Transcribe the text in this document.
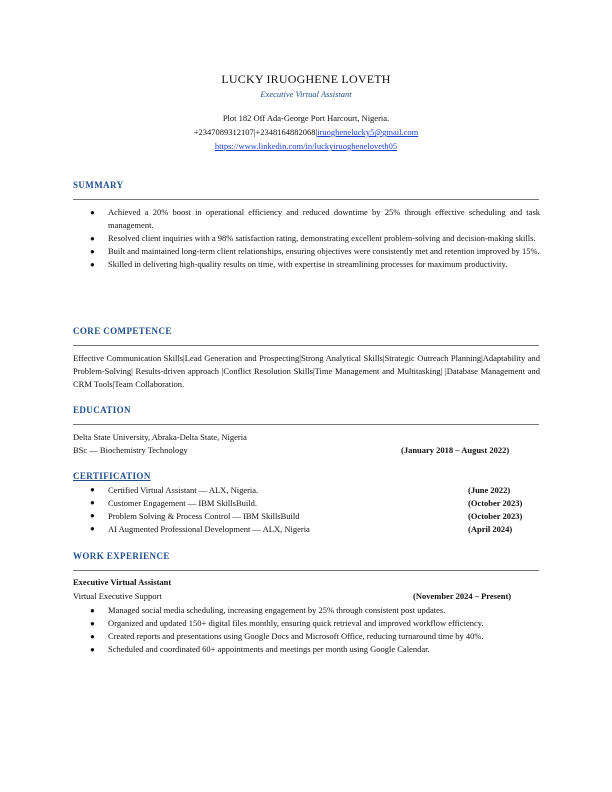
LUCKY IRUOGHENE LOVETH
Executive Virtual Assistant
Plot 182 Off Ada-George Port Harcourt, Nigeria.
+2347089312107|+2348164882068|iruoghenelucky5@gmail.com
https://www.linkedin.com/in/luckyiruogheneloveth05
SUMMARY
● Achieved a 20% boost in operational efficiency and reduced downtime by 25% through effective scheduling and task management.
● Resolved client inquiries with a 98% satisfaction rating, demonstrating excellent problem-solving and decision-making skills.
● Built and maintained long-term client relationships, ensuring objectives were consistently met and retention improved by 15%.
● Skilled in delivering high-quality results on time, with expertise in streamlining processes for maximum productivity.
CORE COMPETENCE
Effective Communication Skills|Lead Generation and Prospecting|Strong Analytical Skills|Strategic Outreach Planning|Adaptability and Problem-Solving| Results-driven approach |Conflict Resolution Skills|Time Management and Multitasking| |Database Management and CRM Tools|Team Collaboration.
EDUCATION
Delta State University, Abraka-Delta State, Nigeria
BSc — Biochemistry Technology	(January 2018 – August 2022)
CERTIFICATION
● Certified Virtual Assistant — ALX, Nigeria.	(June 2022)
● Customer Engagement — IBM SkillsBuild.	(October 2023)
● Problem Solving & Process Control — IBM SkillsBuild	(October 2023)
● AI Augmented Professional Development — ALX, Nigeria	(April 2024)
WORK EXPERIENCE
Executive Virtual Assistant
Virtual Executive Support	(November 2024 – Present)
● Managed social media scheduling, increasing engagement by 25% through consistent post updates.
● Organized and updated 150+ digital files monthly, ensuring quick retrieval and improved workflow efficiency.
● Created reports and presentations using Google Docs and Microsoft Office, reducing turnaround time by 40%.
● Scheduled and coordinated 60+ appointments and meetings per month using Google Calendar.
